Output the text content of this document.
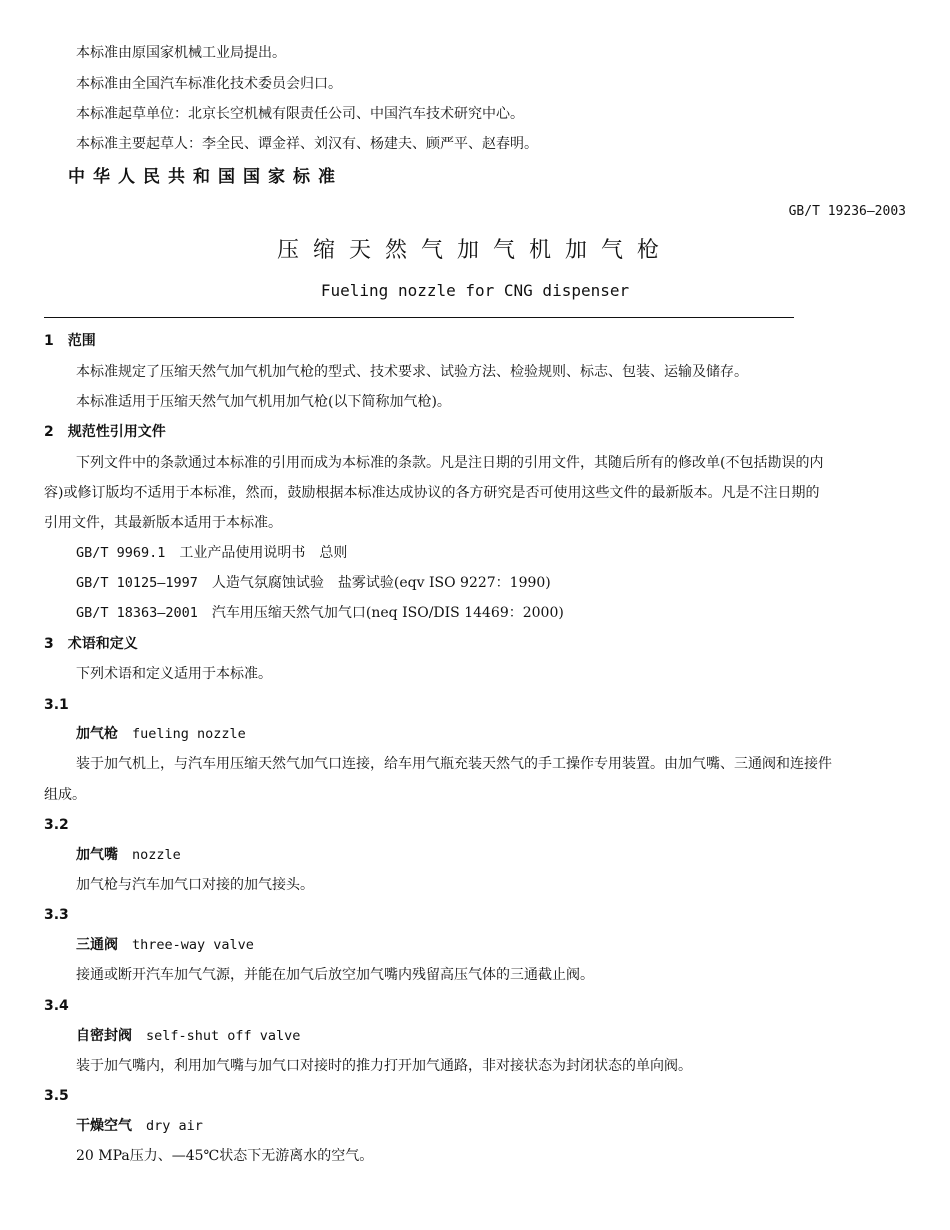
本标准由原国家机械工业局提出。
本标准由全国汽车标准化技术委员会归口。
本标准起草单位：北京长空机械有限责任公司、中国汽车技术研究中心。
本标准主要起草人：李全民、谭金祥、刘汉有、杨建夫、顾严平、赵春明。
中华人民共和国国家标准
GB/T 19236—2003
压缩天然气加气机加气枪
Fueling nozzle for CNG dispenser
1　范围
本标准规定了压缩天然气加气机加气枪的型式、技术要求、试验方法、检验规则、标志、包装、运输及储存。
本标准适用于压缩天然气加气机用加气枪(以下简称加气枪)。
2　规范性引用文件
下列文件中的条款通过本标准的引用而成为本标准的条款。凡是注日期的引用文件，其随后所有的修改单(不包括勘误的内
容)或修订版均不适用于本标准，然而，鼓励根据本标准达成协议的各方研究是否可使用这些文件的最新版本。凡是不注日期的
引用文件，其最新版本适用于本标准。
GB/T 9969.1 工业产品使用说明书　总则
GB/T 10125—1997 人造气氛腐蚀试验　盐雾试验(eqv ISO 9227：1990)
GB/T 18363—2001 汽车用压缩天然气加气口(neq ISO/DIS 14469：2000)
3　术语和定义
下列术语和定义适用于本标准。
3.1
加气枪 fueling nozzle
装于加气机上，与汽车用压缩天然气加气口连接，给车用气瓶充装天然气的手工操作专用装置。由加气嘴、三通阀和连接件
组成。
3.2
加气嘴 nozzle
加气枪与汽车加气口对接的加气接头。
3.3
三通阀 three-way valve
接通或断开汽车加气气源，并能在加气后放空加气嘴内残留高压气体的三通截止阀。
3.4
自密封阀 self-shut off valve
装于加气嘴内，利用加气嘴与加气口对接时的推力打开加气通路，非对接状态为封闭状态的单向阀。
3.5
干燥空气 dry air
20 MPa压力、—45℃状态下无游离水的空气。
